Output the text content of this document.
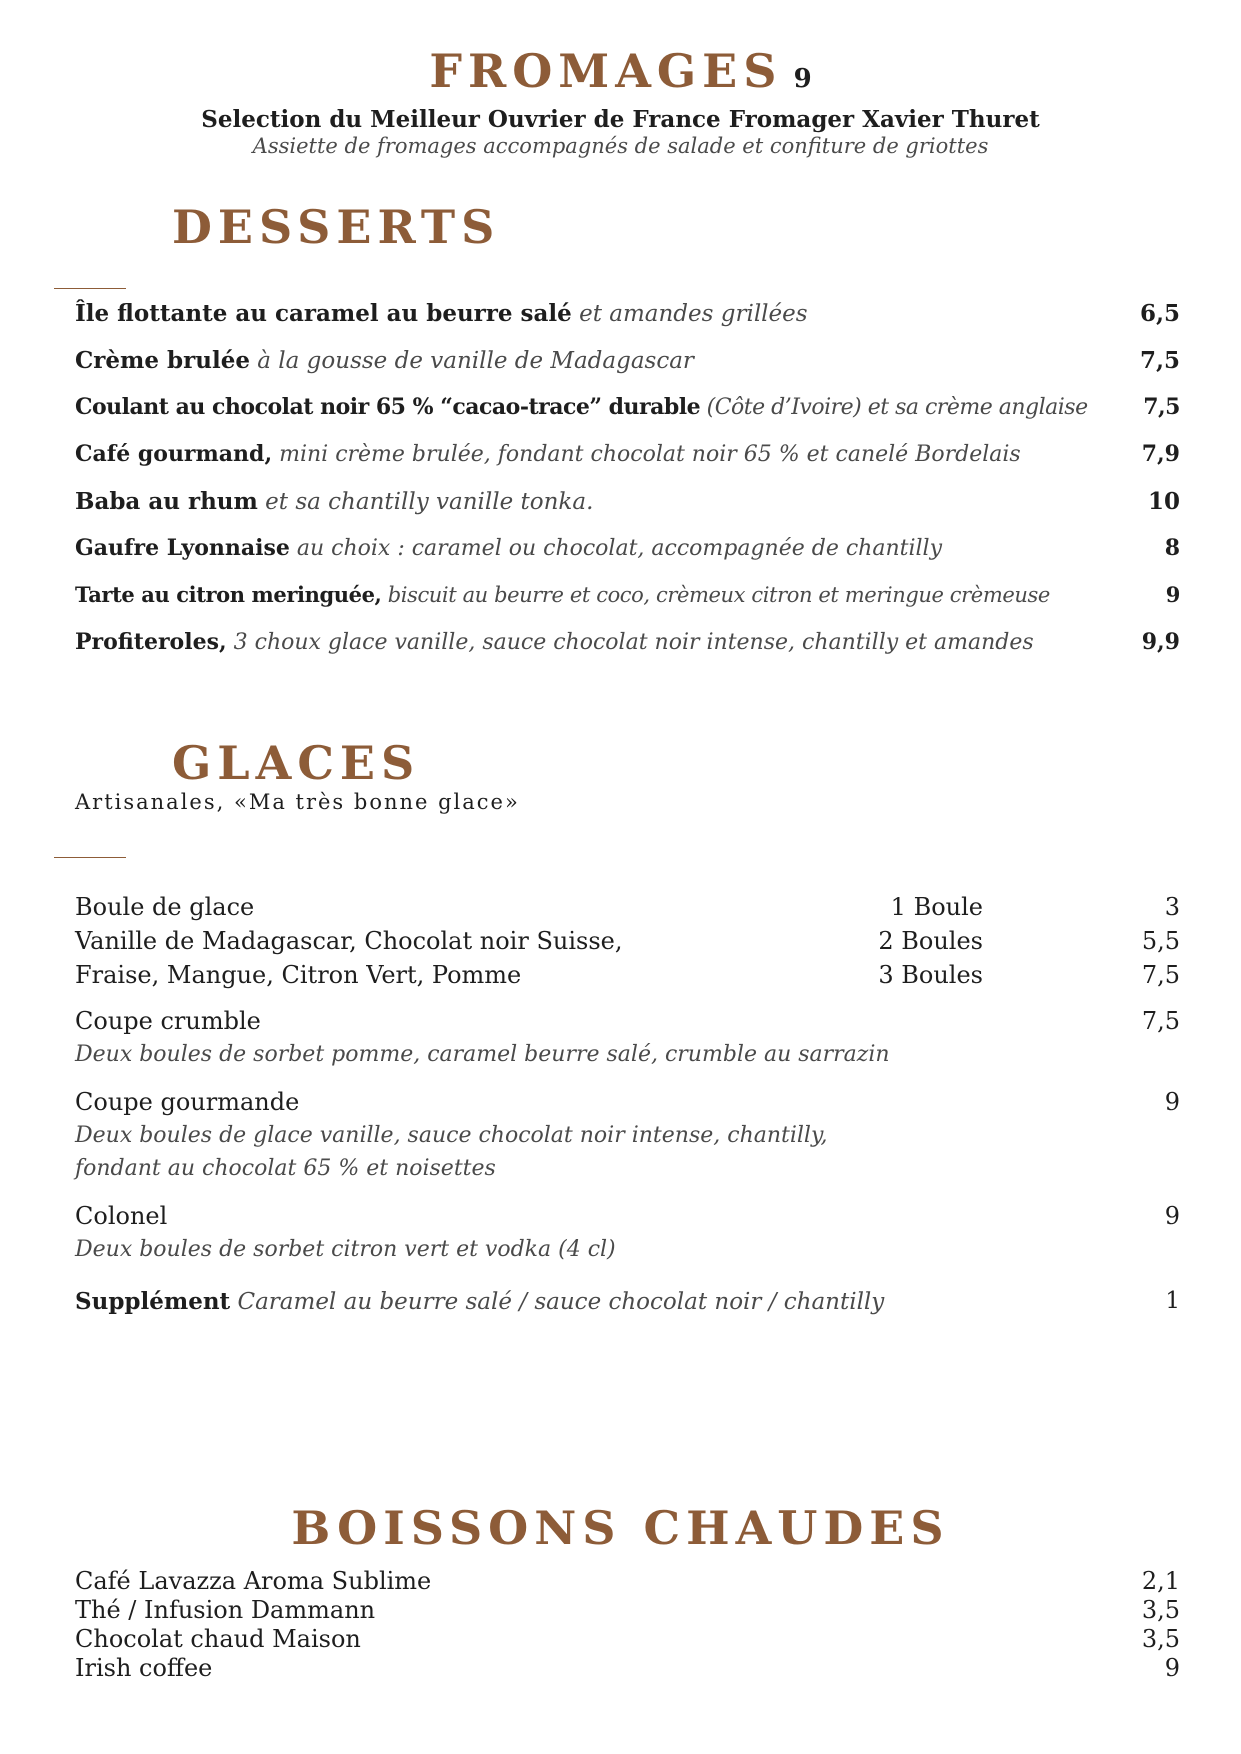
FROMAGES 9
Selection du Meilleur Ouvrier de France Fromager Xavier Thuret
Assiette de fromages accompagnés de salade et confiture de griottes
DESSERTS
Île flottante au caramel au beurre salé et amandes grillées	6,5
Crème brulée à la gousse de vanille de Madagascar	7,5
Coulant au chocolat noir 65 % “cacao-trace” durable (Côte d’Ivoire) et sa crème anglaise	7,5
Café gourmand, mini crème brulée, fondant chocolat noir 65 % et canelé Bordelais	7,9
Baba au rhum et sa chantilly vanille tonka.	10
Gaufre Lyonnaise au choix : caramel ou chocolat, accompagnée de chantilly	8
Tarte au citron meringuée, biscuit au beurre et coco, crèmeux citron et meringue crèmeuse	9
Profiteroles, 3 choux glace vanille, sauce chocolat noir intense, chantilly et amandes	9,9
GLACES
Artisanales, «Ma très bonne glace»
Boule de glace	1 Boule	3
Vanille de Madagascar, Chocolat noir Suisse,	2 Boules	5,5
Fraise, Mangue, Citron Vert, Pomme	3 Boules	7,5
Coupe crumble	7,5
Deux boules de sorbet pomme, caramel beurre salé, crumble au sarrazin
Coupe gourmande	9
Deux boules de glace vanille, sauce chocolat noir intense, chantilly,
fondant au chocolat 65 % et noisettes
Colonel	9
Deux boules de sorbet citron vert et vodka (4 cl)
Supplément Caramel au beurre salé / sauce chocolat noir / chantilly	1
BOISSONS CHAUDES
Café Lavazza Aroma Sublime	2,1
Thé / Infusion Dammann	3,5
Chocolat chaud Maison	3,5
Irish coffee	9
